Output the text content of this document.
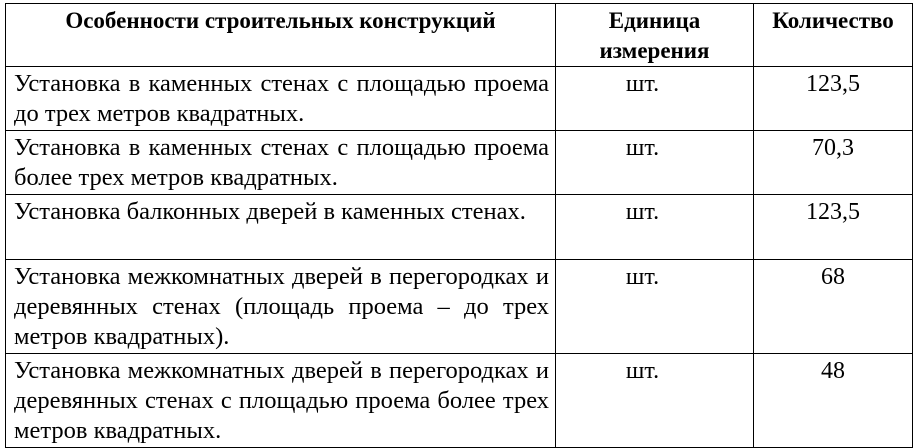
Особенности строительных конструкций	Единица измерения	Количество
Установка в каменных стенах с площадью проема до трех метров квадратных.	шт.	123,5
Установка в каменных стенах с площадью проема более трех метров квадратных.	шт.	70,3
Установка балконных дверей в каменных стенах.	шт.	123,5
Установка межкомнатных дверей в перегородках и деревянных стенах (площадь проема – до трех метров квадратных).	шт.	68
Установка межкомнатных дверей в перегородках и деревянных стенах с площадью проема более трех метров квадратных.	шт.	48
